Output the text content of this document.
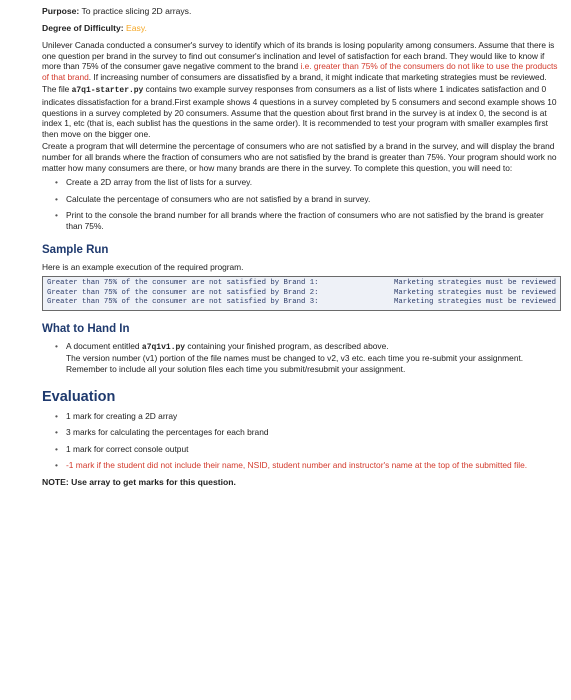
Purpose: To practice slicing 2D arrays.

Degree of Difficulty: Easy.

Unilever Canada conducted a consumer's survey to identify which of its brands is losing popularity among consumers. Assume that there is one question per brand in the survey to find out consumer's inclination and level of satisfaction for each brand. They would like to know if more than 75% of the consumer gave negative comment to the brand i.e. greater than 75% of the consumers do not like to use the products of that brand. If increasing number of consumers are dissatisfied by a brand, it might indicate that marketing strategies must be reviewed.

The file a7q1-starter.py contains two example survey responses from consumers as a list of lists where 1 indicates satisfaction and 0 indicates dissatisfaction for a brand.First example shows 4 questions in a survey completed by 5 consumers and second example shows 10 questions in a survey completed by 20 consumers. Assume that the question about first brand in the survey is at index 0, the second is at index 1, etc (that is, each sublist has the questions in the same order). It is recommended to test your program with smaller examples first then move on the bigger one.

Create a program that will determine the percentage of consumers who are not satisfied by a brand in the survey, and will display the brand number for all brands where the fraction of consumers who are not satisfied by the brand is greater than 75%. Your program should work no matter how many consumers are there, or how many brands are there in the survey. To complete this question, you will need to:

• Create a 2D array from the list of lists for a survey.
• Calculate the percentage of consumers who are not satisfied by a brand in survey.
• Print to the console the brand number for all brands where the fraction of consumers who are not satisfied by the brand is greater than 75%.
Sample Run

Here is an example execution of the required program.

Greater than 75% of the consumer are not satisfied by Brand 1:	Marketing strategies must be reviewed
Greater than 75% of the consumer are not satisfied by Brand 2:	Marketing strategies must be reviewed
Greater than 75% of the consumer are not satisfied by Brand 3:	Marketing strategies must be reviewed
What to Hand In
• A document entitled a7q1v1.py containing your finished program, as described above.
The version number (v1) portion of the file names must be changed to v2, v3 etc. each time you re-submit your assignment. Remember to include all your solution files each time you submit/resubmit your assignment.
Evaluation
• 1 mark for creating a 2D array
• 3 marks for calculating the percentages for each brand
• 1 mark for correct console output
• -1 mark if the student did not include their name, NSID, student number and instructor's name at the top of the submitted file.

NOTE: Use array to get marks for this question.
